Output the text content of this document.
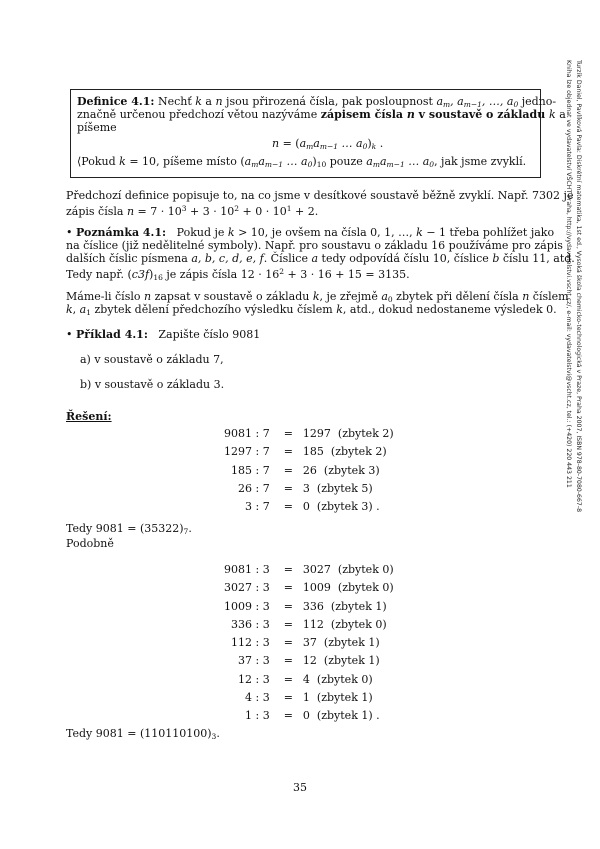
Turzík Daniel, Pavlíková Pavla: Diskrétní matematika, 1st ed., Vysoká škola chemicko-technologická v Praze, Praha 2007, ISBN 978-80-7080-667-8
Kniha lze objednat ve vydavatelství VŠCHT Praha, http://vydavatelstvi.vscht.cz/, e-mail: vydavatelstvi@vscht.cz, tel.: (+420) 220 443 211
Definice 4.1: Nechť k a n jsou přirozená čísla, pak posloupnost $a_m$, $a_{m-1}$, …, $a_0$ jedno-
značně určenou předchozí větou nazýváme zápisem čísla n v soustavě o základu k a
píšeme
$n = (a_ma_{m-1}$ … $a_0)_k$ .
⟨Pokud k = 10, píšeme místo ($a_ma_{m-1}$ … $a_0)_{10}$ pouze $a_ma_{m-1}$ … $a_0$, jak jsme zvyklí.
Předchozí definice popisuje to, na co jsme v desítkové soustavě běžně zvyklí. Např. 7302 je
zápis čísla $n = 7 \cdot 10^3 + 3 \cdot 10^2 + 0 \cdot 10^1 + 2$.
• Poznámka 4.1: Pokud je k > 10, je ovšem na čísla 0, 1, …, k − 1 třeba pohlížet jako
na číslice (již nedělitelné symboly). Např. pro soustavu o základu 16 používáme pro zápis
dalších číslic písmena a, b, c, d, e, f. Číslice a tedy odpovídá číslu 10, číslice b číslu 11, atd.
Tedy např. $(c3f)_{16}$ je zápis čísla $12 \cdot 16^2 + 3 \cdot 16 + 15 = 3135$.
Máme-li číslo n zapsat v soustavě o základu k, je zřejmě $a_0$ zbytek při dělení čísla n číslem
k, $a_1$ zbytek dělení předchozího výsledku číslem k, atd., dokud nedostaneme výsledek 0.
• Příklad 4.1: Zapište číslo 9081
a) v soustavě o základu 7,
b) v soustavě o základu 3.
Řešení:
9081 : 7	=	1297 (zbytek 2)
1297 : 7	=	185 (zbytek 2)
185 : 7	=	26 (zbytek 3)
26 : 7	=	3 (zbytek 5)
3 : 7	=	0 (zbytek 3) .
Tedy $9081 = (35322)_7$.
Podobně
9081 : 3	=	3027 (zbytek 0)
3027 : 3	=	1009 (zbytek 0)
1009 : 3	=	336 (zbytek 1)
336 : 3	=	112 (zbytek 0)
112 : 3	=	37 (zbytek 1)
37 : 3	=	12 (zbytek 1)
12 : 3	=	4 (zbytek 0)
4 : 3	=	1 (zbytek 1)
1 : 3	=	0 (zbytek 1) .
Tedy $9081 = (110110100)_3$.
35
